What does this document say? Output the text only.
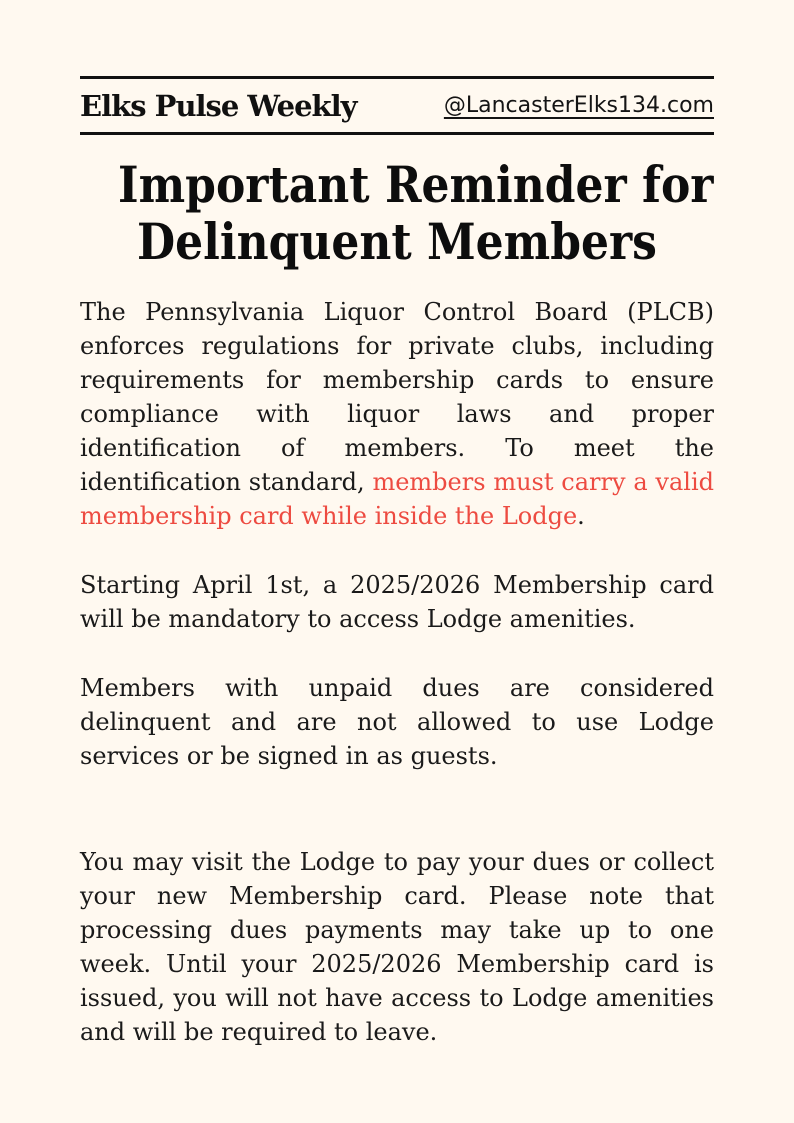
Elks Pulse Weekly	@LancasterElks134.com
Important Reminder for
Delinquent Members

The Pennsylvania Liquor Control Board (PLCB) enforces regulations for private clubs, including requirements for membership cards to ensure compliance with liquor laws and proper identification of members. To meet the identification standard, members must carry a valid membership card while inside the Lodge.

Starting April 1st, a 2025/2026 Membership card will be mandatory to access Lodge amenities.

Members with unpaid dues are considered delinquent and are not allowed to use Lodge services or be signed in as guests.

You may visit the Lodge to pay your dues or collect your new Membership card. Please note that processing dues payments may take up to one week. Until your 2025/2026 Membership card is issued, you will not have access to Lodge amenities and will be required to leave.
